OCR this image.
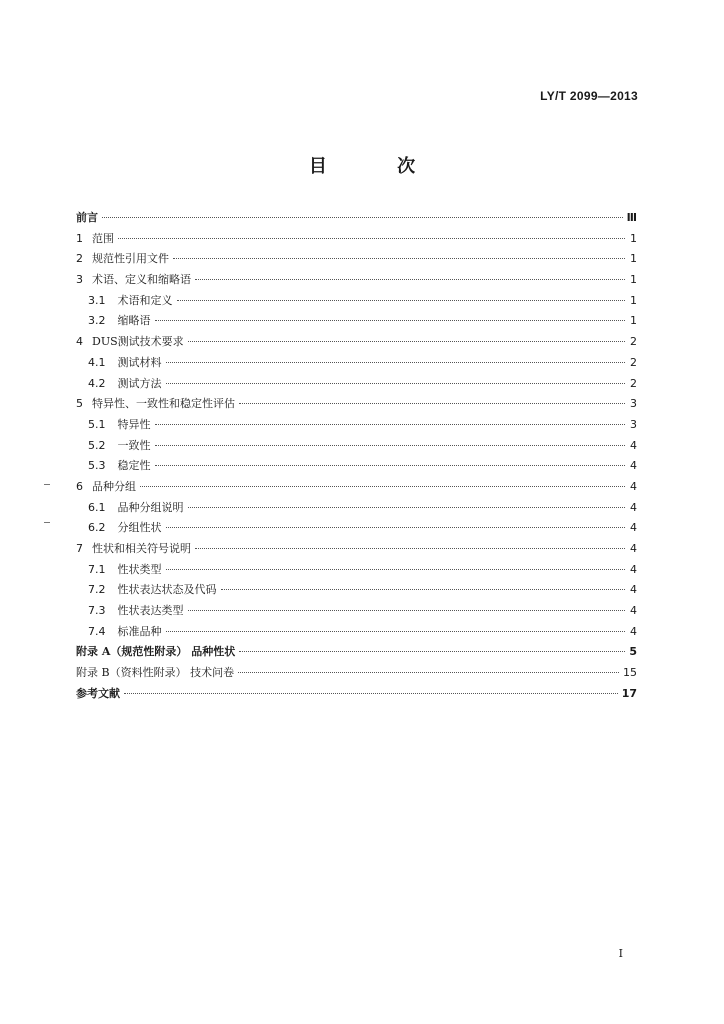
LY/T 2099—2013
目 次
前言	Ⅲ
1 范围	1
2 规范性引用文件	1
3 术语、定义和缩略语	1
3.1 术语和定义	1
3.2 缩略语	1
4 DUS测试技术要求	2
4.1 测试材料	2
4.2 测试方法	2
5 特异性、一致性和稳定性评估	3
5.1 特异性	3
5.2 一致性	4
5.3 稳定性	4
6 品种分组	4
6.1 品种分组说明	4
6.2 分组性状	4
7 性状和相关符号说明	4
7.1 性状类型	4
7.2 性状表达状态及代码	4
7.3 性状表达类型	4
7.4 标准品种	4
附录 A（规范性附录） 品种性状	5
附录 B（资料性附录） 技术问卷	15
参考文献	17
I
